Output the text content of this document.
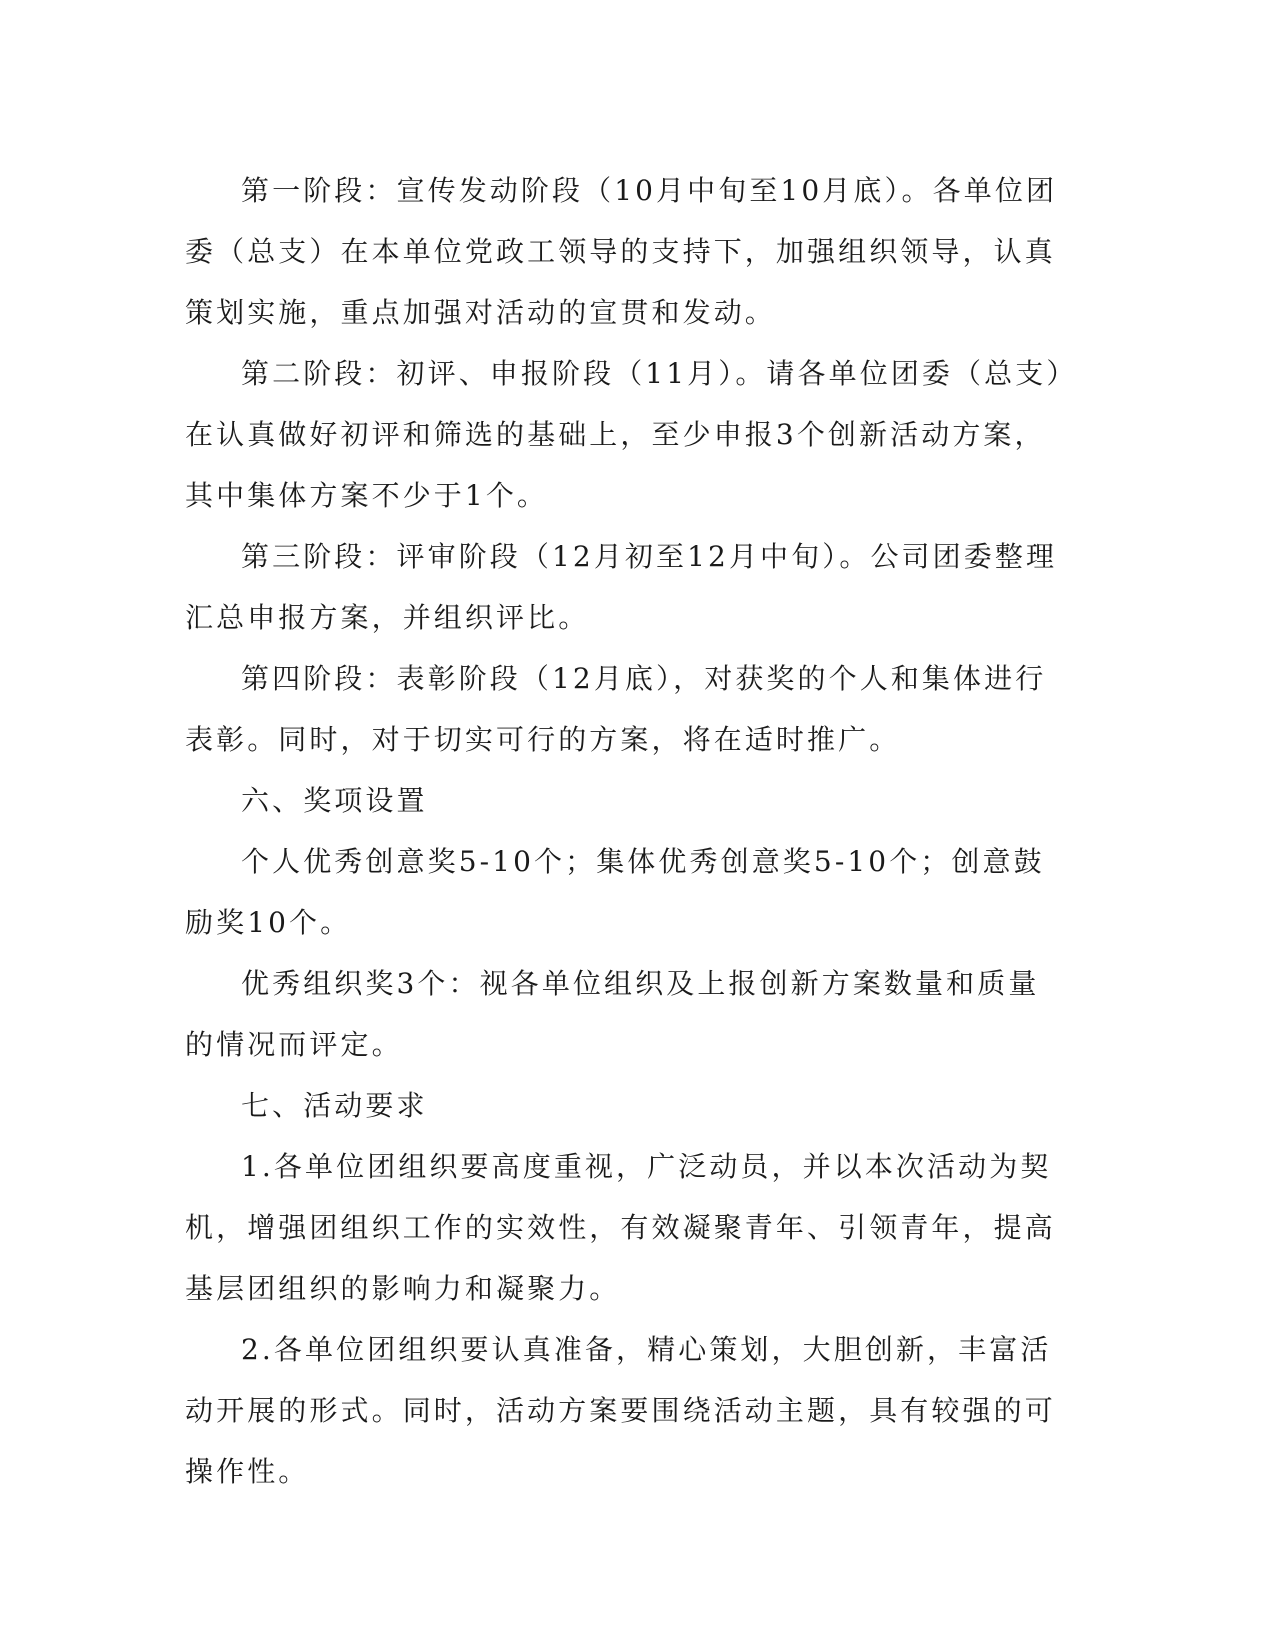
第一阶段：宣传发动阶段（10月中旬至10月底）。各单位团委（总支）在本单位党政工领导的支持下，加强组织领导，认真策划实施，重点加强对活动的宣贯和发动。

第二阶段：初评、申报阶段（11月）。请各单位团委（总支）在认真做好初评和筛选的基础上，至少申报3个创新活动方案，其中集体方案不少于1个。

第三阶段：评审阶段（12月初至12月中旬）。公司团委整理汇总申报方案，并组织评比。

第四阶段：表彰阶段（12月底），对获奖的个人和集体进行表彰。同时，对于切实可行的方案，将在适时推广。

六、奖项设置

个人优秀创意奖5-10个；集体优秀创意奖5-10个；创意鼓励奖10个。

优秀组织奖3个：视各单位组织及上报创新方案数量和质量的情况而评定。

七、活动要求

1.各单位团组织要高度重视，广泛动员，并以本次活动为契机，增强团组织工作的实效性，有效凝聚青年、引领青年，提高基层团组织的影响力和凝聚力。

2.各单位团组织要认真准备，精心策划，大胆创新，丰富活动开展的形式。同时，活动方案要围绕活动主题，具有较强的可操作性。
